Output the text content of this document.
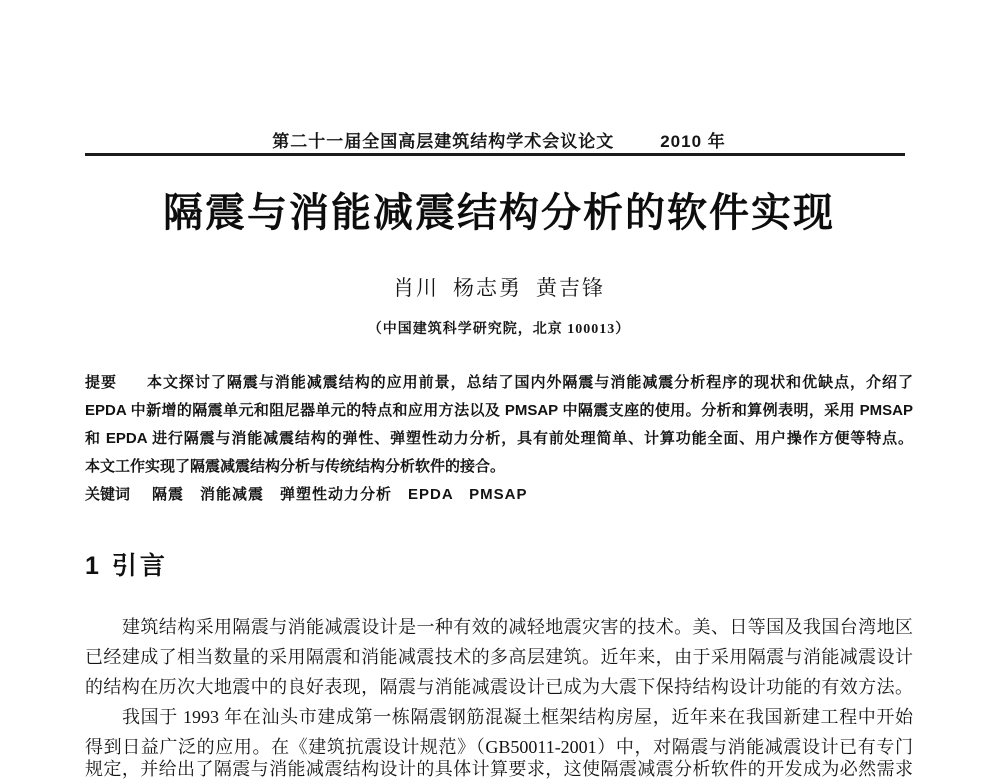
第二十一届全国高层建筑结构学术会议论文	2010 年
隔震与消能减震结构分析的软件实现
肖川 杨志勇 黄吉锋
（中国建筑科学研究院，北京 100013）
提要 本文探讨了隔震与消能减震结构的应用前景，总结了国内外隔震与消能减震分析程序的现状和优缺点，介绍了
EPDA 中新增的隔震单元和阻尼器单元的特点和应用方法以及 PMSAP 中隔震支座的使用。分析和算例表明，采用 PMSAP
和 EPDA 进行隔震与消能减震结构的弹性、弹塑性动力分析，具有前处理简单、计算功能全面、用户操作方便等特点。
本文工作实现了隔震减震结构分析与传统结构分析软件的接合。
关键词 隔震　消能减震　弹塑性动力分析　EPDA　PMSAP
1 引言
建筑结构采用隔震与消能减震设计是一种有效的减轻地震灾害的技术。美、日等国及我国台湾地区
已经建成了相当数量的采用隔震和消能减震技术的多高层建筑。近年来，由于采用隔震与消能减震设计
的结构在历次大地震中的良好表现，隔震与消能减震设计已成为大震下保持结构设计功能的有效方法。
我国于 1993 年在汕头市建成第一栋隔震钢筋混凝土框架结构房屋，近年来在我国新建工程中开始
得到日益广泛的应用。在《建筑抗震设计规范》（GB50011-2001）中，对隔震与消能减震设计已有专门
规定，并给出了隔震与消能减震结构设计的具体计算要求，这使隔震减震分析软件的开发成为必然需求
